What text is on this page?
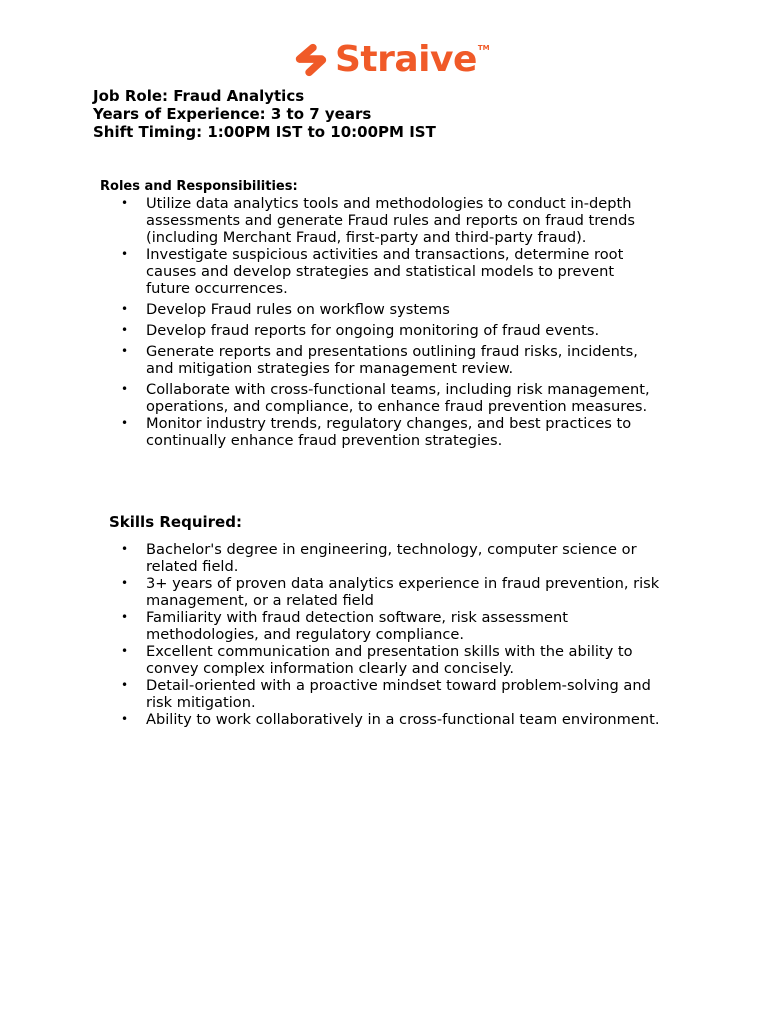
Straive TM
Job Role: Fraud Analytics
Years of Experience: 3 to 7 years
Shift Timing: 1:00PM IST to 10:00PM IST
Roles and Responsibilities:
• Utilize data analytics tools and methodologies to conduct in-depth assessments and generate Fraud rules and reports on fraud trends (including Merchant Fraud, first-party and third-party fraud).
• Investigate suspicious activities and transactions, determine root causes and develop strategies and statistical models to prevent future occurrences.
• Develop Fraud rules on workflow systems
• Develop fraud reports for ongoing monitoring of fraud events.
• Generate reports and presentations outlining fraud risks, incidents, and mitigation strategies for management review.
• Collaborate with cross-functional teams, including risk management, operations, and compliance, to enhance fraud prevention measures.
• Monitor industry trends, regulatory changes, and best practices to continually enhance fraud prevention strategies.
Skills Required:
• Bachelor's degree in engineering, technology, computer science or related field.
• 3+ years of proven data analytics experience in fraud prevention, risk management, or a related field
• Familiarity with fraud detection software, risk assessment methodologies, and regulatory compliance.
• Excellent communication and presentation skills with the ability to convey complex information clearly and concisely.
• Detail-oriented with a proactive mindset toward problem-solving and risk mitigation.
• Ability to work collaboratively in a cross-functional team environment.
